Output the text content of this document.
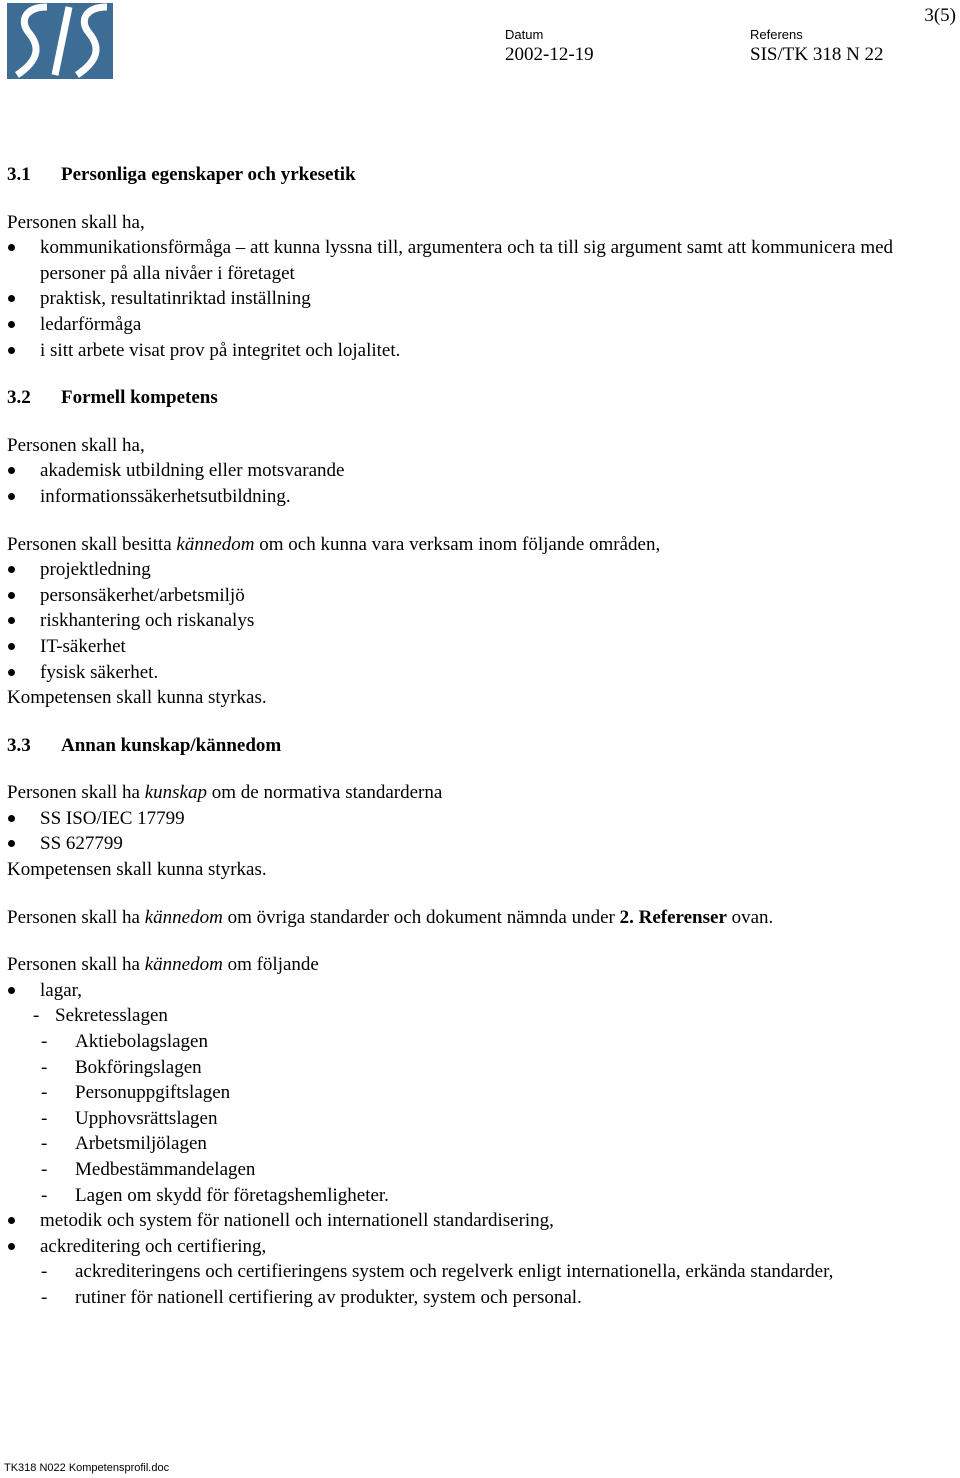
Datum
2002-12-19
Referens
SIS/TK 318 N 22
3(5)
3.1 Personliga egenskaper och yrkesetik

Personen skall ha,

kommunikationsförmåga – att kunna lyssna till, argumentera och ta till sig argument samt att kommunicera med personer på alla nivåer i företaget
praktisk, resultatinriktad inställning
ledarförmåga
i sitt arbete visat prov på integritet och lojalitet.
3.2 Formell kompetens

Personen skall ha,

akademisk utbildning eller motsvarande
informationssäkerhetsutbildning.

Personen skall besitta kännedom om och kunna vara verksam inom följande områden,

projektledning
personsäkerhet/arbetsmiljö
riskhantering och riskanalys
IT-säkerhet
fysisk säkerhet.

Kompetensen skall kunna styrkas.

3.3 Annan kunskap/kännedom

Personen skall ha kunskap om de normativa standarderna

SS ISO/IEC 17799
SS 627799

Kompetensen skall kunna styrkas.

Personen skall ha kännedom om övriga standarder och dokument nämnda under 2. Referenser ovan.

Personen skall ha kännedom om följande

lagar,
- Sekretesslagen
- Aktiebolagslagen
- Bokföringslagen
- Personuppgiftslagen
- Upphovsrättslagen
- Arbetsmiljölagen
- Medbestämmandelagen
- Lagen om skydd för företagshemligheter.
metodik och system för nationell och internationell standardisering,
ackreditering och certifiering,
- ackrediteringens och certifieringens system och regelverk enligt internationella, erkända standarder,
- rutiner för nationell certifiering av produkter, system och personal.
TK318 N022 Kompetensprofil.doc
